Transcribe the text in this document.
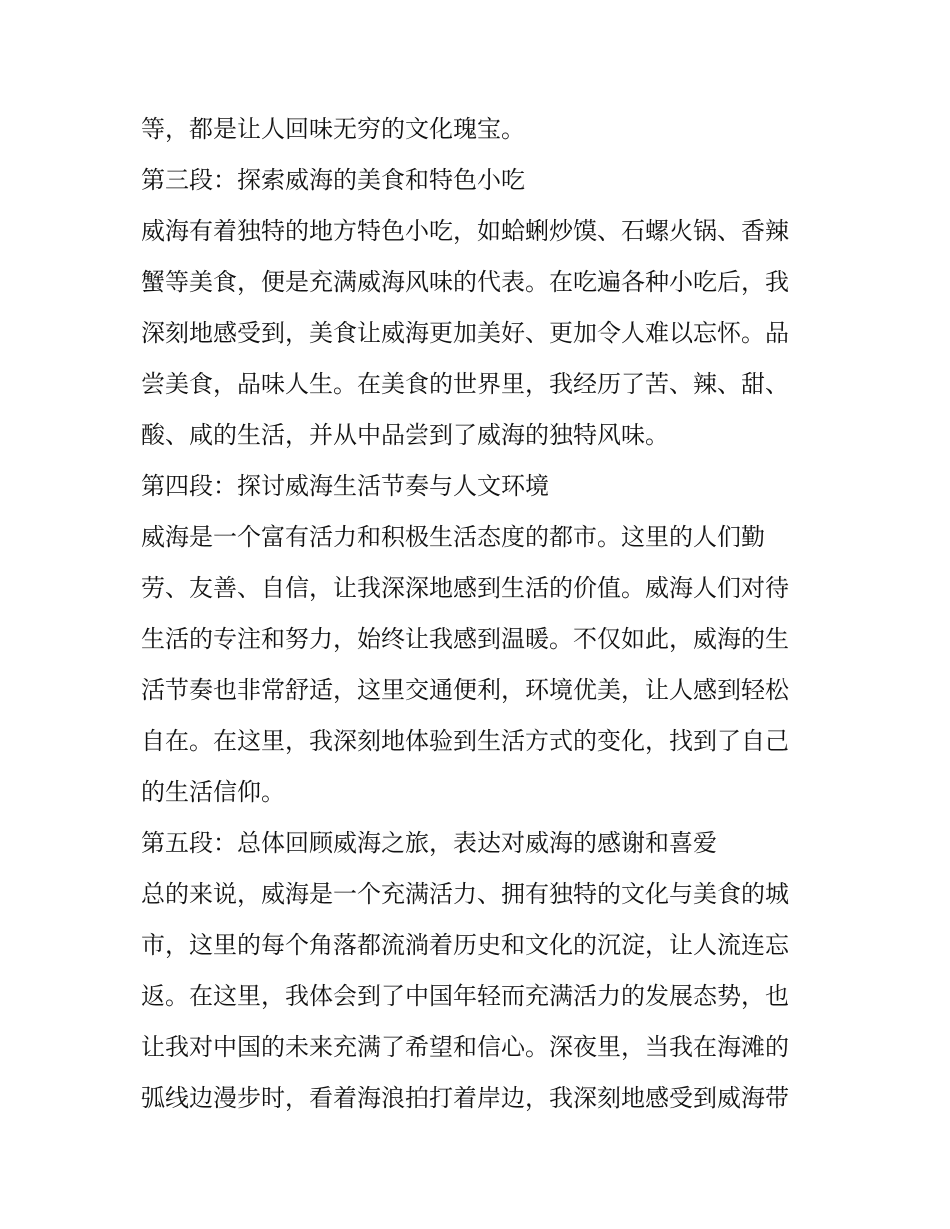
等，都是让人回味无穷的文化瑰宝。
第三段：探索威海的美食和特色小吃
威海有着独特的地方特色小吃，如蛤蜊炒馍、石螺火锅、香辣
蟹等美食，便是充满威海风味的代表。在吃遍各种小吃后，我
深刻地感受到，美食让威海更加美好、更加令人难以忘怀。品
尝美食，品味人生。在美食的世界里，我经历了苦、辣、甜、
酸、咸的生活，并从中品尝到了威海的独特风味。
第四段：探讨威海生活节奏与人文环境
威海是一个富有活力和积极生活态度的都市。这里的人们勤
劳、友善、自信，让我深深地感到生活的价值。威海人们对待
生活的专注和努力，始终让我感到温暖。不仅如此，威海的生
活节奏也非常舒适，这里交通便利，环境优美，让人感到轻松
自在。在这里，我深刻地体验到生活方式的变化，找到了自己
的生活信仰。
第五段：总体回顾威海之旅，表达对威海的感谢和喜爱
总的来说，威海是一个充满活力、拥有独特的文化与美食的城
市，这里的每个角落都流淌着历史和文化的沉淀，让人流连忘
返。在这里，我体会到了中国年轻而充满活力的发展态势，也
让我对中国的未来充满了希望和信心。深夜里，当我在海滩的
弧线边漫步时，看着海浪拍打着岸边，我深刻地感受到威海带
